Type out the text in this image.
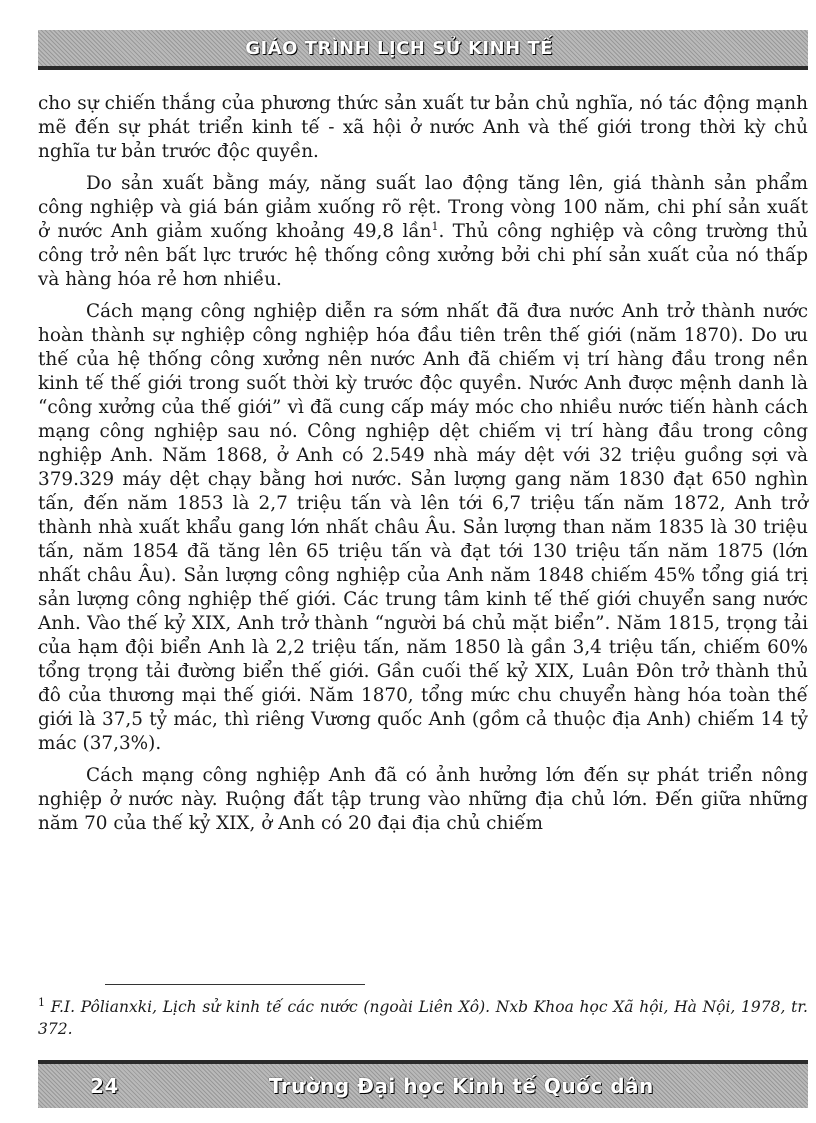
GIÁO TRÌNH LỊCH SỬ KINH TẾ

cho sự chiến thắng của phương thức sản xuất tư bản chủ nghĩa, nó tác động mạnh mẽ đến sự phát triển kinh tế - xã hội ở nước Anh và thế giới trong thời kỳ chủ nghĩa tư bản trước độc quyền.

Do sản xuất bằng máy, năng suất lao động tăng lên, giá thành sản phẩm công nghiệp và giá bán giảm xuống rõ rệt. Trong vòng 100 năm, chi phí sản xuất ở nước Anh giảm xuống khoảng 49,8 lần$^1$. Thủ công nghiệp và công trường thủ công trở nên bất lực trước hệ thống công xưởng bởi chi phí sản xuất của nó thấp và hàng hóa rẻ hơn nhiều.

Cách mạng công nghiệp diễn ra sớm nhất đã đưa nước Anh trở thành nước hoàn thành sự nghiệp công nghiệp hóa đầu tiên trên thế giới (năm 1870). Do ưu thế của hệ thống công xưởng nên nước Anh đã chiếm vị trí hàng đầu trong nền kinh tế thế giới trong suốt thời kỳ trước độc quyền. Nước Anh được mệnh danh là “công xưởng của thế giới” vì đã cung cấp máy móc cho nhiều nước tiến hành cách mạng công nghiệp sau nó. Công nghiệp dệt chiếm vị trí hàng đầu trong công nghiệp Anh. Năm 1868, ở Anh có 2.549 nhà máy dệt với 32 triệu guồng sợi và 379.329 máy dệt chạy bằng hơi nước. Sản lượng gang năm 1830 đạt 650 nghìn tấn, đến năm 1853 là 2,7 triệu tấn và lên tới 6,7 triệu tấn năm 1872, Anh trở thành nhà xuất khẩu gang lớn nhất châu Âu. Sản lượng than năm 1835 là 30 triệu tấn, năm 1854 đã tăng lên 65 triệu tấn và đạt tới 130 triệu tấn năm 1875 (lớn nhất châu Âu). Sản lượng công nghiệp của Anh năm 1848 chiếm 45% tổng giá trị sản lượng công nghiệp thế giới. Các trung tâm kinh tế thế giới chuyển sang nước Anh. Vào thế kỷ XIX, Anh trở thành “người bá chủ mặt biển”. Năm 1815, trọng tải của hạm đội biển Anh là 2,2 triệu tấn, năm 1850 là gần 3,4 triệu tấn, chiếm 60% tổng trọng tải đường biển thế giới. Gần cuối thế kỷ XIX, Luân Đôn trở thành thủ đô của thương mại thế giới. Năm 1870, tổng mức chu chuyển hàng hóa toàn thế giới là 37,5 tỷ mác, thì riêng Vương quốc Anh (gồm cả thuộc địa Anh) chiếm 14 tỷ mác (37,3%).

Cách mạng công nghiệp Anh đã có ảnh hưởng lớn đến sự phát triển nông nghiệp ở nước này. Ruộng đất tập trung vào những địa chủ lớn. Đến giữa những năm 70 của thế kỷ XIX, ở Anh có 20 đại địa chủ chiếm

$^1$ F.I. Pôlianxki, Lịch sử kinh tế các nước (ngoài Liên Xô). Nxb Khoa học Xã hội, Hà Nội, 1978, tr. 372.

24	Trường Đại học Kinh tế Quốc dân
